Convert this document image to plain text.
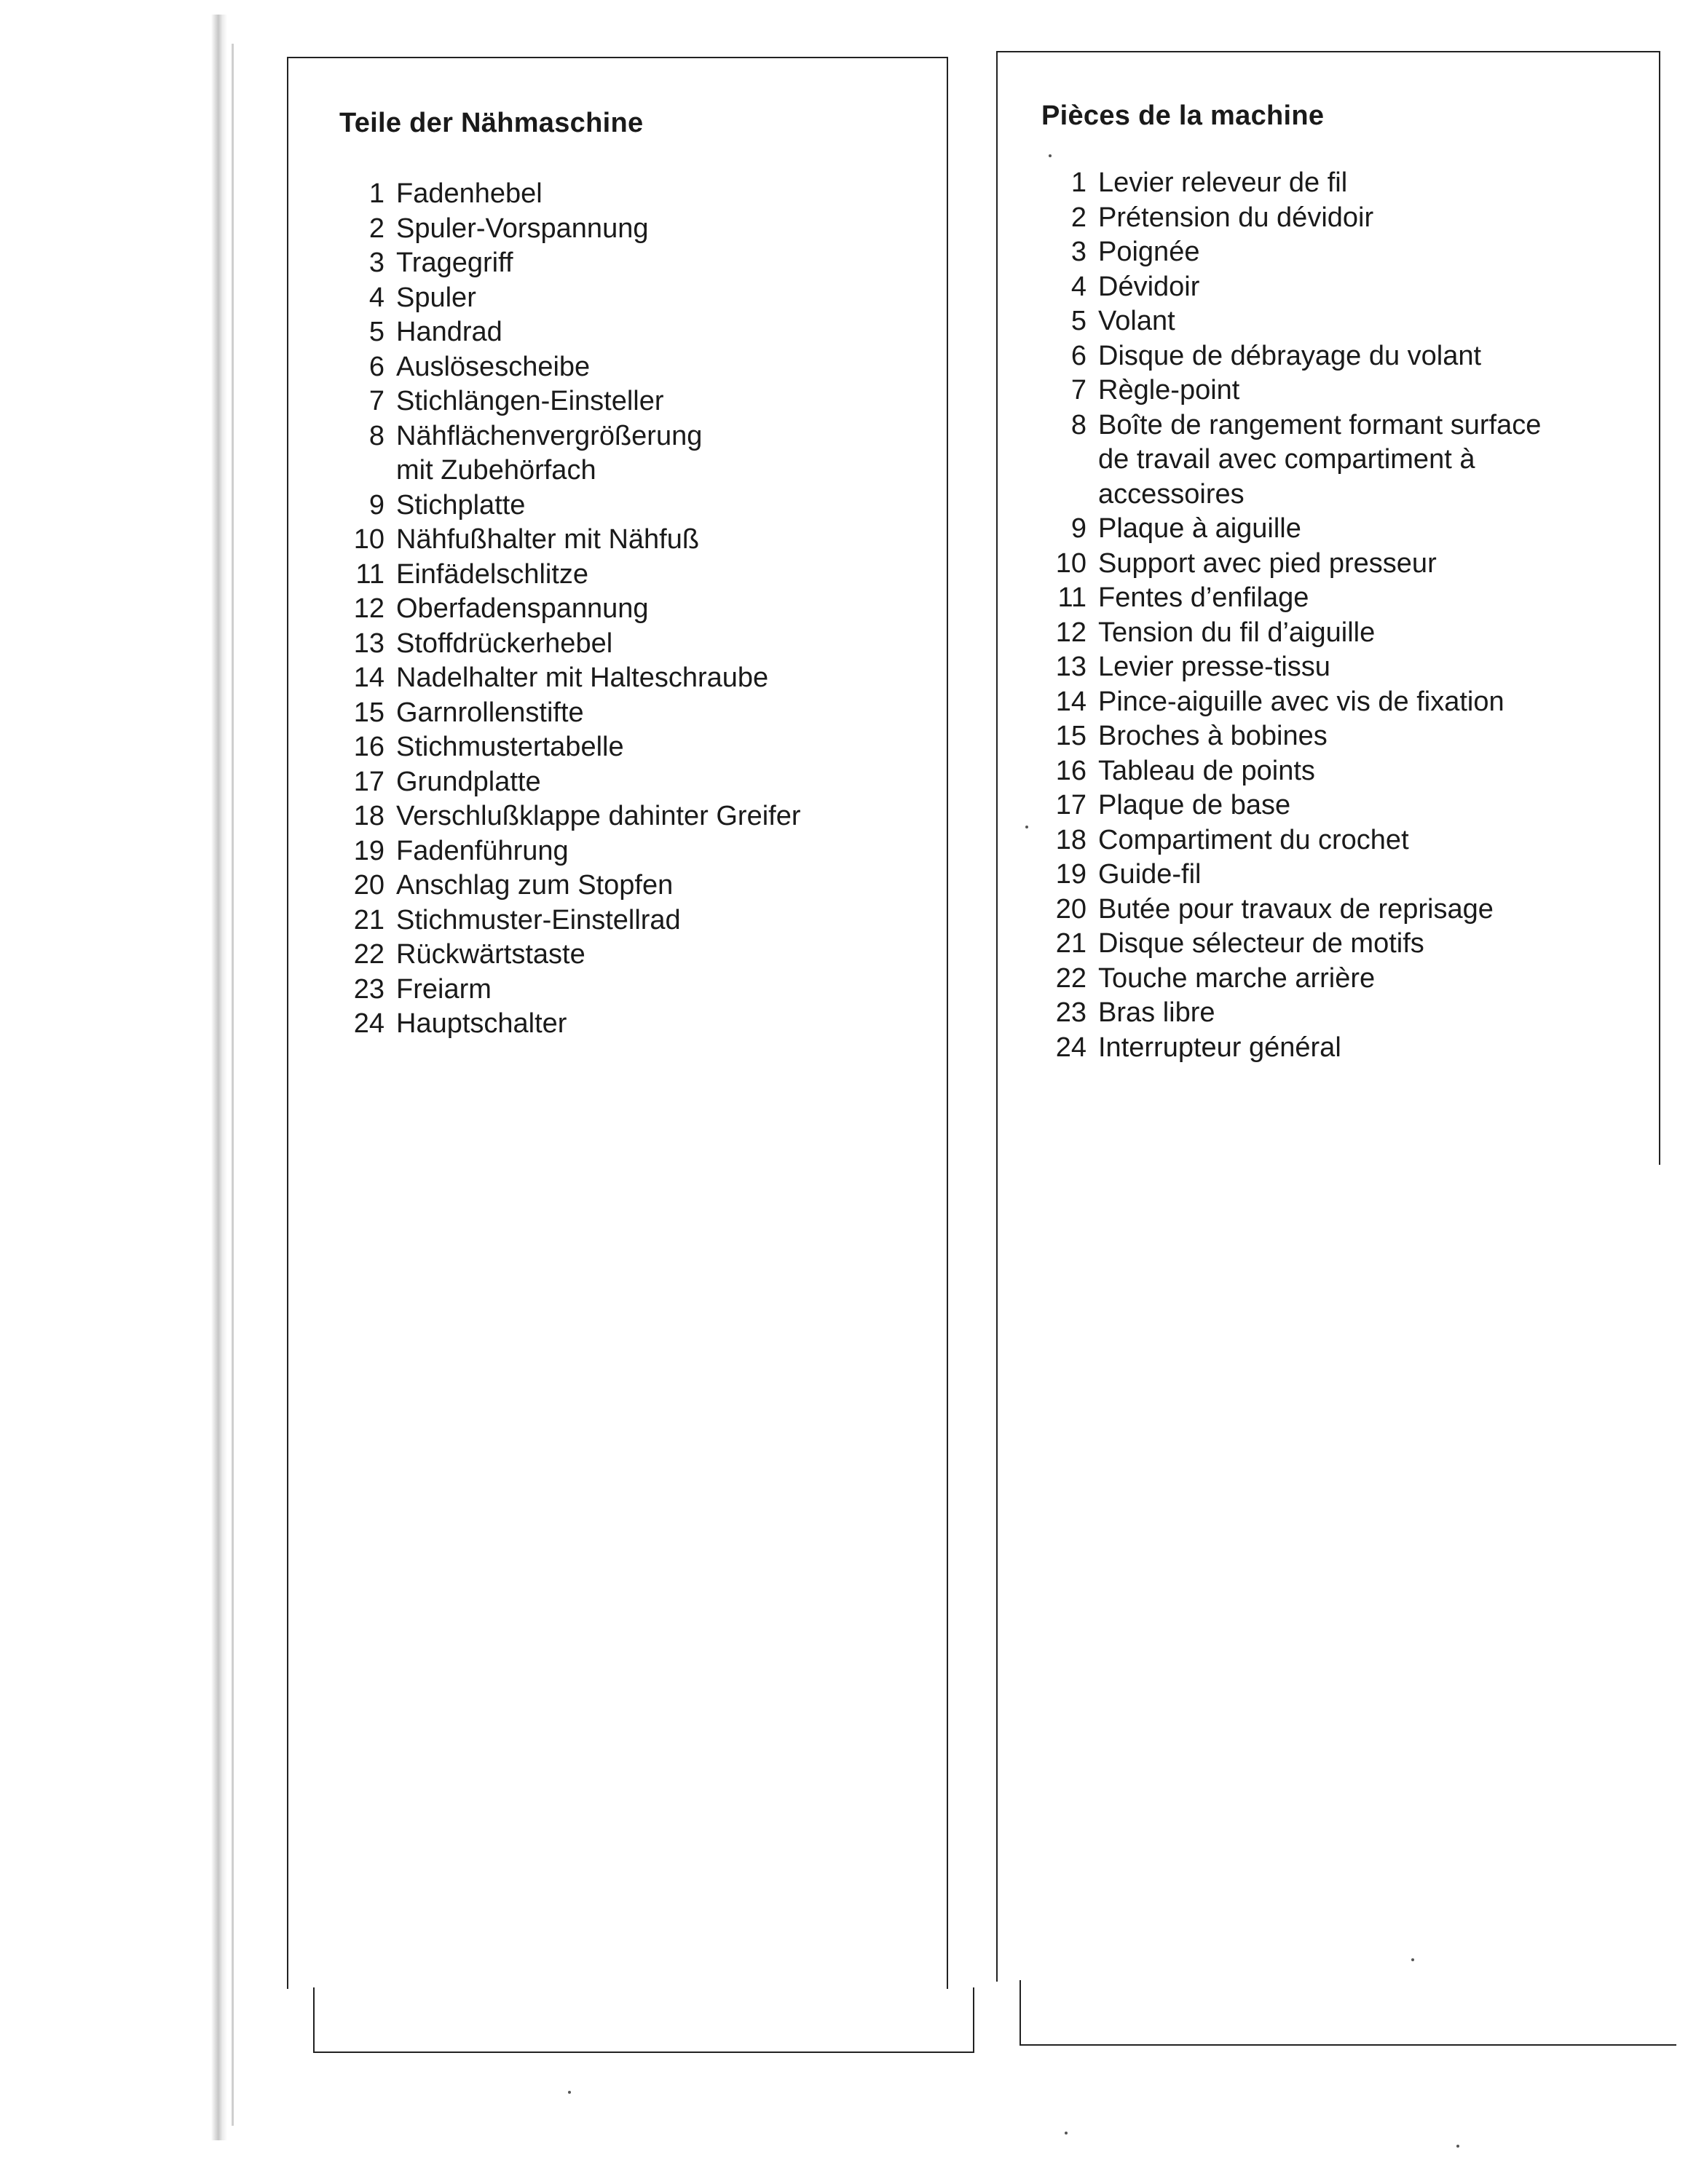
Teile der Nähmaschine
1 Fadenhebel
2 Spuler-Vorspannung
3 Tragegriff
4 Spuler
5 Handrad
6 Auslösescheibe
7 Stichlängen-Einsteller
8 Nähflächenvergrößerung
mit Zubehörfach
9 Stichplatte
10 Nähfußhalter mit Nähfuß
11 Einfädelschlitze
12 Oberfadenspannung
13 Stoffdrückerhebel
14 Nadelhalter mit Halteschraube
15 Garnrollenstifte
16 Stichmustertabelle
17 Grundplatte
18 Verschlußklappe dahinter Greifer
19 Fadenführung
20 Anschlag zum Stopfen
21 Stichmuster-Einstellrad
22 Rückwärtstaste
23 Freiarm
24 Hauptschalter
Pièces de la machine
1 Levier releveur de fil
2 Prétension du dévidoir
3 Poignée
4 Dévidoir
5 Volant
6 Disque de débrayage du volant
7 Règle-point
8 Boîte de rangement formant surface
de travail avec compartiment à
accessoires
9 Plaque à aiguille
10 Support avec pied presseur
11 Fentes d’enfilage
12 Tension du fil d’aiguille
13 Levier presse-tissu
14 Pince-aiguille avec vis de fixation
15 Broches à bobines
16 Tableau de points
17 Plaque de base
18 Compartiment du crochet
19 Guide-fil
20 Butée pour travaux de reprisage
21 Disque sélecteur de motifs
22 Touche marche arrière
23 Bras libre
24 Interrupteur général
